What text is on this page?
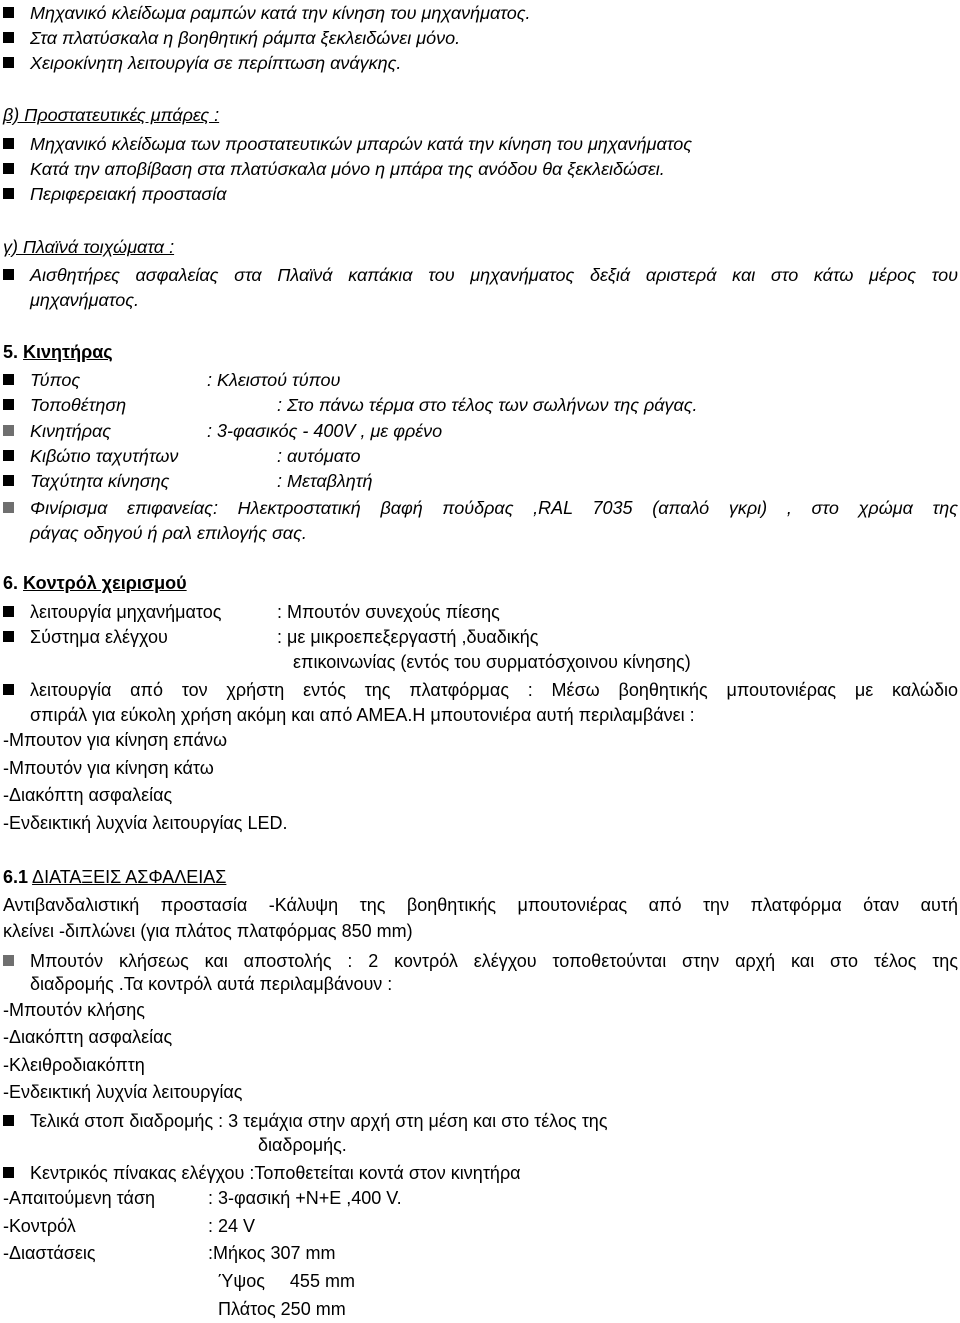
Μηχανικό κλείδωμα ραμπών κατά την κίνηση του μηχανήματος.
Στα πλατύσκαλα η βοηθητική ράμπα ξεκλειδώνει μόνο.
Χειροκίνητη λειτουργία σε περίπτωση ανάγκης.
β) Προστατευτικές μπάρες :
Μηχανικό κλείδωμα των προστατευτικών μπαρών κατά την κίνηση του μηχανήματος
Κατά την αποβίβαση στα πλατύσκαλα μόνο η μπάρα της ανόδου θα ξεκλειδώσει.
Περιφερειακή προστασία
γ) Πλαϊνά τοιχώματα :
Αισθητήρες ασφαλείας στα Πλαϊνά καπάκια του μηχανήματος δεξιά αριστερά και στο κάτω μέρος του
μηχανήματος.
5. Κινητήρας
Τύπος	: Κλειστού τύπου
Τοποθέτηση	: Στο πάνω τέρμα στο τέλος των σωλήνων της ράγας.
Κινητήρας	: 3-φασικός - 400V , με φρένο
Κιβώτιο ταχυτήτων	: αυτόματο
Ταχύτητα κίνησης	: Μεταβλητή
Φινίρισμα επιφανείας: Ηλεκτροστατική βαφή πούδρας ,RAL 7035 (απαλό γκρι) , στο χρώμα της
ράγας οδηγού ή ραλ επιλογής σας.
6. Κοντρόλ χειρισμού
λειτουργία μηχανήματος	: Μπουτόν συνεχούς πίεσης
Σύστημα ελέγχου	: με μικροεπεξεργαστή ,δυαδικής
επικοινωνίας (εντός του συρματόσχοινου κίνησης)
λειτουργία από τον χρήστη εντός της πλατφόρμας : Μέσω βοηθητικής μπουτονιέρας με καλώδιο
σπιράλ για εύκολη χρήση ακόμη και από ΑΜΕΑ.Η μπουτονιέρα αυτή περιλαμβάνει :
-Μπουτον για κίνηση επάνω
-Μπουτόν για κίνηση κάτω
-Διακόπτη ασφαλείας
-Ενδεικτική λυχνία λειτουργίας LED.
6.1 ΔΙΑΤΑΞΕΙΣ ΑΣΦΑΛΕΙΑΣ
Αντιβανδαλιστική προστασία -Κάλυψη της βοηθητικής μπουτονιέρας από την πλατφόρμα όταν αυτή
κλείνει -διπλώνει (για πλάτος πλατφόρμας 850 mm)
Μπουτόν κλήσεως και αποστολής : 2 κοντρόλ ελέγχου τοποθετούνται στην αρχή και στο τέλος της
διαδρομής .Τα κοντρόλ αυτά περιλαμβάνουν :
-Μπουτόν κλήσης
-Διακόπτη ασφαλείας
-Κλειθροδιακόπτη
-Ενδεικτική λυχνία λειτουργίας
Τελικά στοπ διαδρομής : 3 τεμάχια στην αρχή στη μέση και στο τέλος της
διαδρομής.
Κεντρικός πίνακας ελέγχου :Τοποθετείται κοντά στον κινητήρα
-Απαιτούμενη τάση	: 3-φασική +N+E ,400 V.
-Κοντρόλ	: 24 V
-Διαστάσεις	:Μήκος 307 mm
Ύψος     455 mm
Πλάτος 250 mm
